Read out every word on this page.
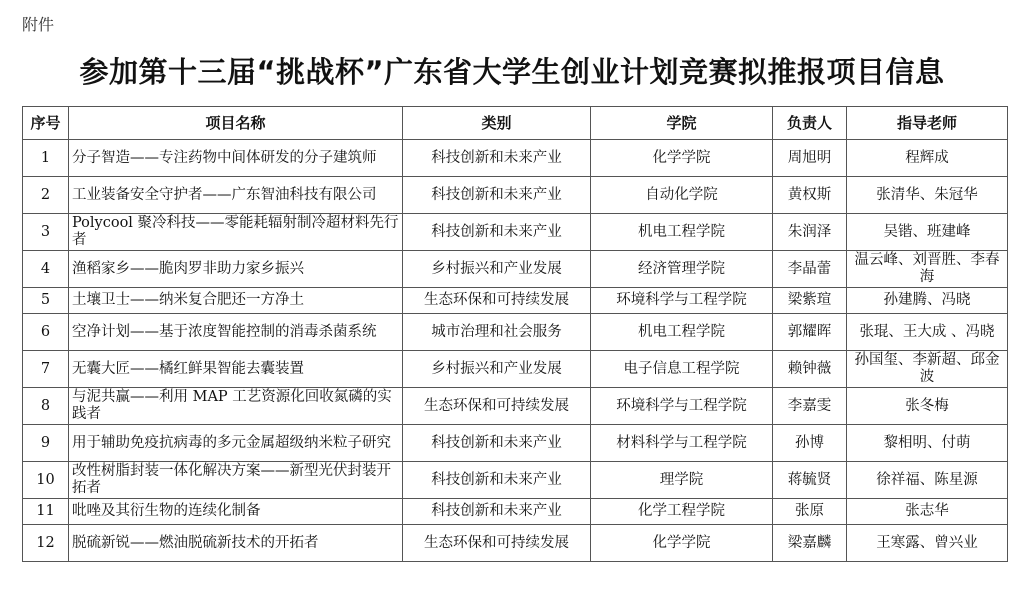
附件
参加第十三届“挑战杯”广东省大学生创业计划竞赛拟推报项目信息
序号	项目名称	类别	学院	负责人	指导老师
1	分子智造——专注药物中间体研发的分子建筑师	科技创新和未来产业	化学学院	周旭明	程辉成
2	工业装备安全守护者——广东智油科技有限公司	科技创新和未来产业	自动化学院	黄权斯	张清华、朱冠华
3	Polycool 聚冷科技——零能耗辐射制冷超材料先行者	科技创新和未来产业	机电工程学院	朱润泽	吴锴、班建峰
4	渔稻家乡——脆肉罗非助力家乡振兴	乡村振兴和产业发展	经济管理学院	李晶蕾	温云峰、刘晋胜、李春海
5	土壤卫士——纳米复合肥还一方净土	生态环保和可持续发展	环境科学与工程学院	梁紫瑄	孙建腾、冯晓
6	空净计划——基于浓度智能控制的消毒杀菌系统	城市治理和社会服务	机电工程学院	郭耀晖	张琨、王大成 、冯晓
7	无囊大匠——橘红鲜果智能去囊装置	乡村振兴和产业发展	电子信息工程学院	赖钟薇	孙国玺、李新超、邱金波
8	与泥共赢——利用 MAP 工艺资源化回收氮磷的实践者	生态环保和可持续发展	环境科学与工程学院	李嘉雯	张冬梅
9	用于辅助免疫抗病毒的多元金属超级纳米粒子研究	科技创新和未来产业	材料科学与工程学院	孙博	黎相明、付萌
10	改性树脂封装一体化解决方案——新型光伏封装开拓者	科技创新和未来产业	理学院	蒋毓贤	徐祥福、陈星源
11	吡唑及其衍生物的连续化制备	科技创新和未来产业	化学工程学院	张原	张志华
12	脱硫新锐——燃油脱硫新技术的开拓者	生态环保和可持续发展	化学学院	梁嘉麟	王寒露、曾兴业
